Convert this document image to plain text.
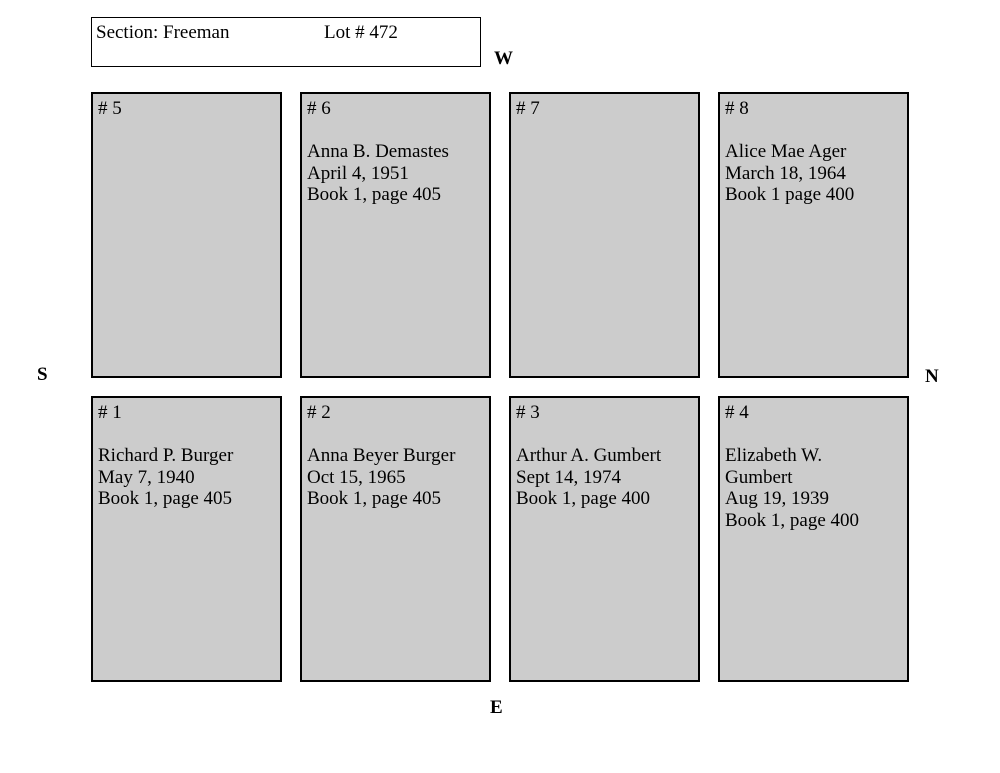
Section: Freeman	Lot # 472
W
E
S	N
# 5	# 6
Anna B. Demastes
April 4, 1951
Book 1, page 405
# 7	# 8
Alice Mae Ager
March 18, 1964
Book 1 page 400
# 1
Richard P. Burger
May 7, 1940
Book 1, page 405
# 2
Anna Beyer Burger
Oct 15, 1965
Book 1, page 405
# 3
Arthur A. Gumbert
Sept 14, 1974
Book 1, page 400
# 4
Elizabeth W.
Gumbert
Aug 19, 1939
Book 1, page 400
